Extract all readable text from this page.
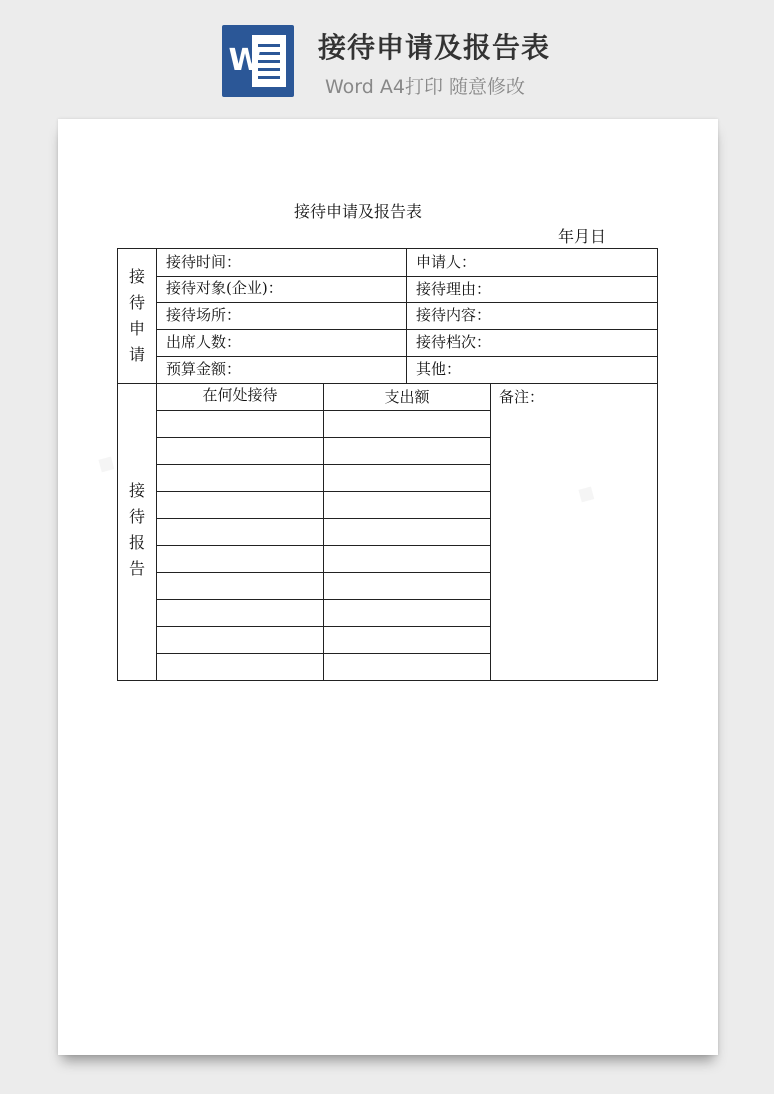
W 接待申请及报告表
Word A4打印 随意修改
接待申请及报告表
年月日
接
待
申
请
接待时间：	申请人：
接待对象(企业)：	接待理由：
接待场所：	接待内容：
出席人数：	接待档次：
预算金额：	其他：
接
待
报
告
在何处接待	支出额	备注：
